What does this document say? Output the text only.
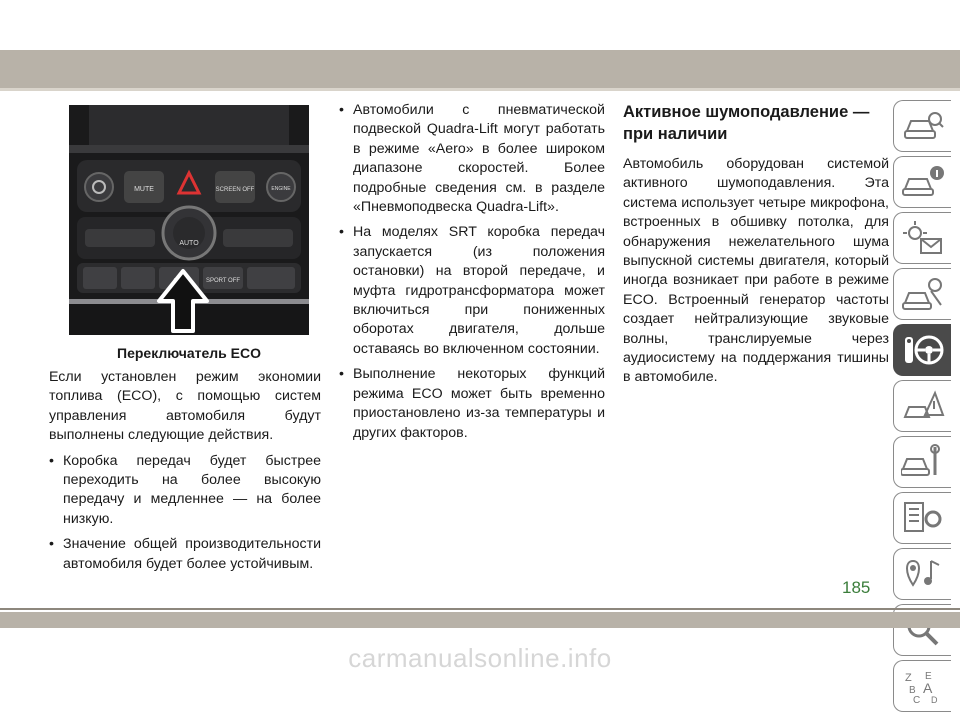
MUTE	SCREEN OFF	ENGINE
AUTO
SPORT OFF
Переключатель ECO

Если установлен режим экономии топлива (ECO), с помощью систем управления автомобиля будут выполнены следующие действия.

• Коробка передач будет быстрее переходить на более высокую передачу и медленнее — на более низкую.
• Значение общей производительности автомобиля будет более устойчивым.
• Автомобили с пневматической подвеской Quadra-Lift могут работать в режиме «Aero» в более широком диапазоне скоростей. Более подробные сведения см. в разделе «Пневмоподвеска Quadra-Lift».
• На моделях SRT коробка передач запускается (из положения остановки) на второй передаче, и муфта гидротрансформатора может включиться при пониженных оборотах двигателя, дольше оставаясь во включенном состоянии.
• Выполнение некоторых функций режима ECO может быть временно приостановлено из-за температуры и других факторов.
Активное шумоподавление — при наличии

Автомобиль оборудован системой активного шумоподавления. Эта система использует четыре микрофона, встроенных в обшивку потолка, для обнаружения нежелательного шума выпускной системы двигателя, который иногда возникает при работе в режиме ECO. Встроенный генератор частоты создает нейтрализующие звуковые волны, транслируемые через аудиосистему на поддержания тишины в автомобиле.

Z E
B A
C D
185
carmanualsonline.info
